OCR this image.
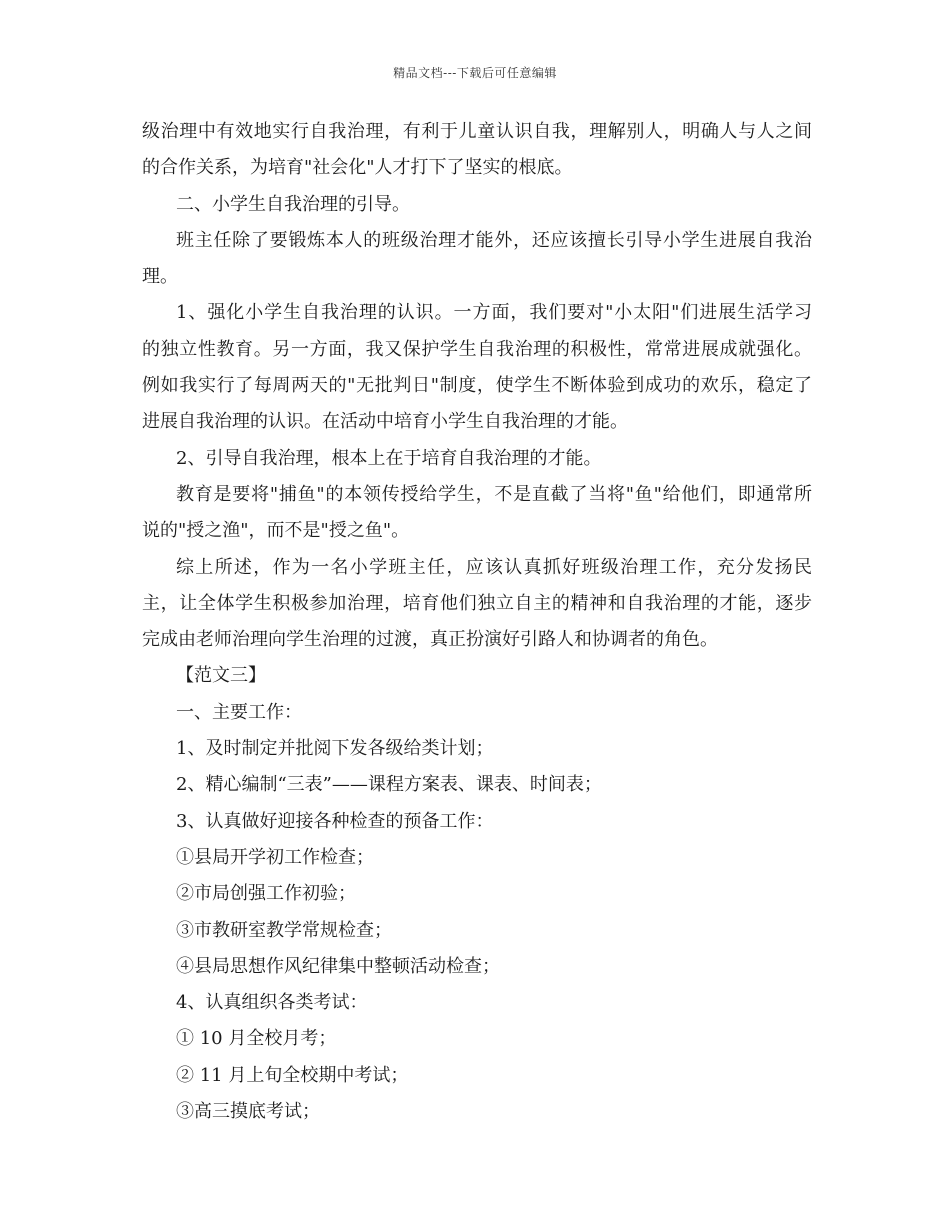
精品文档---下载后可任意编辑
级治理中有效地实行自我治理，有利于儿童认识自我，理解别人，明确人与人之间
的合作关系，为培育"社会化"人才打下了坚实的根底。
二、小学生自我治理的引导。
班主任除了要锻炼本人的班级治理才能外，还应该擅长引导小学生进展自我治
理。
1、强化小学生自我治理的认识。一方面，我们要对"小太阳"们进展生活学习
的独立性教育。另一方面，我又保护学生自我治理的积极性，常常进展成就强化。
例如我实行了每周两天的"无批判日"制度，使学生不断体验到成功的欢乐，稳定了
进展自我治理的认识。在活动中培育小学生自我治理的才能。
2、引导自我治理，根本上在于培育自我治理的才能。
教育是要将"捕鱼"的本领传授给学生，不是直截了当将"鱼"给他们，即通常所
说的"授之渔"，而不是"授之鱼"。
综上所述，作为一名小学班主任，应该认真抓好班级治理工作，充分发扬民
主，让全体学生积极参加治理，培育他们独立自主的精神和自我治理的才能，逐步
完成由老师治理向学生治理的过渡，真正扮演好引路人和协调者的角色。
【范文三】
一、主要工作：
1、及时制定并批阅下发各级给类计划；
2、精心编制“三表”——课程方案表、课表、时间表；
3、认真做好迎接各种检查的预备工作：
①县局开学初工作检查；
②市局创强工作初验；
③市教研室教学常规检查；
④县局思想作风纪律集中整顿活动检查；
4、认真组织各类考试：
① 10 月全校月考；
② 11 月上旬全校期中考试；
③高三摸底考试；
